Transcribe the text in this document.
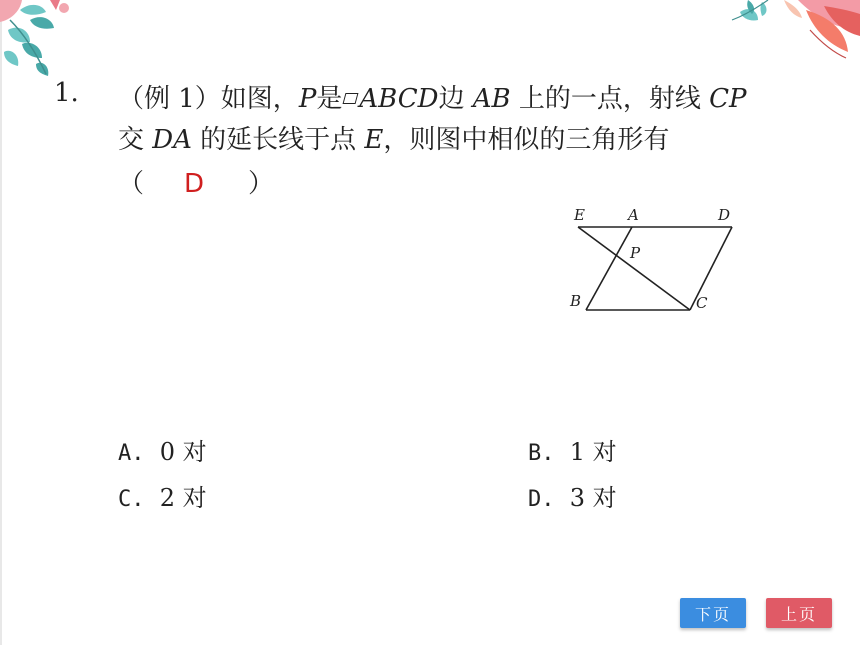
1. （例 1）如图，P是 ABCD边 AB 上的一点，射线 CP
交 DA 的延长线于点 E，则图中相似的三角形有
（ D ）
E	A	D
P
B	C
A. 0 对	B. 1 对
C. 2 对	D. 3 对
下页	上页
